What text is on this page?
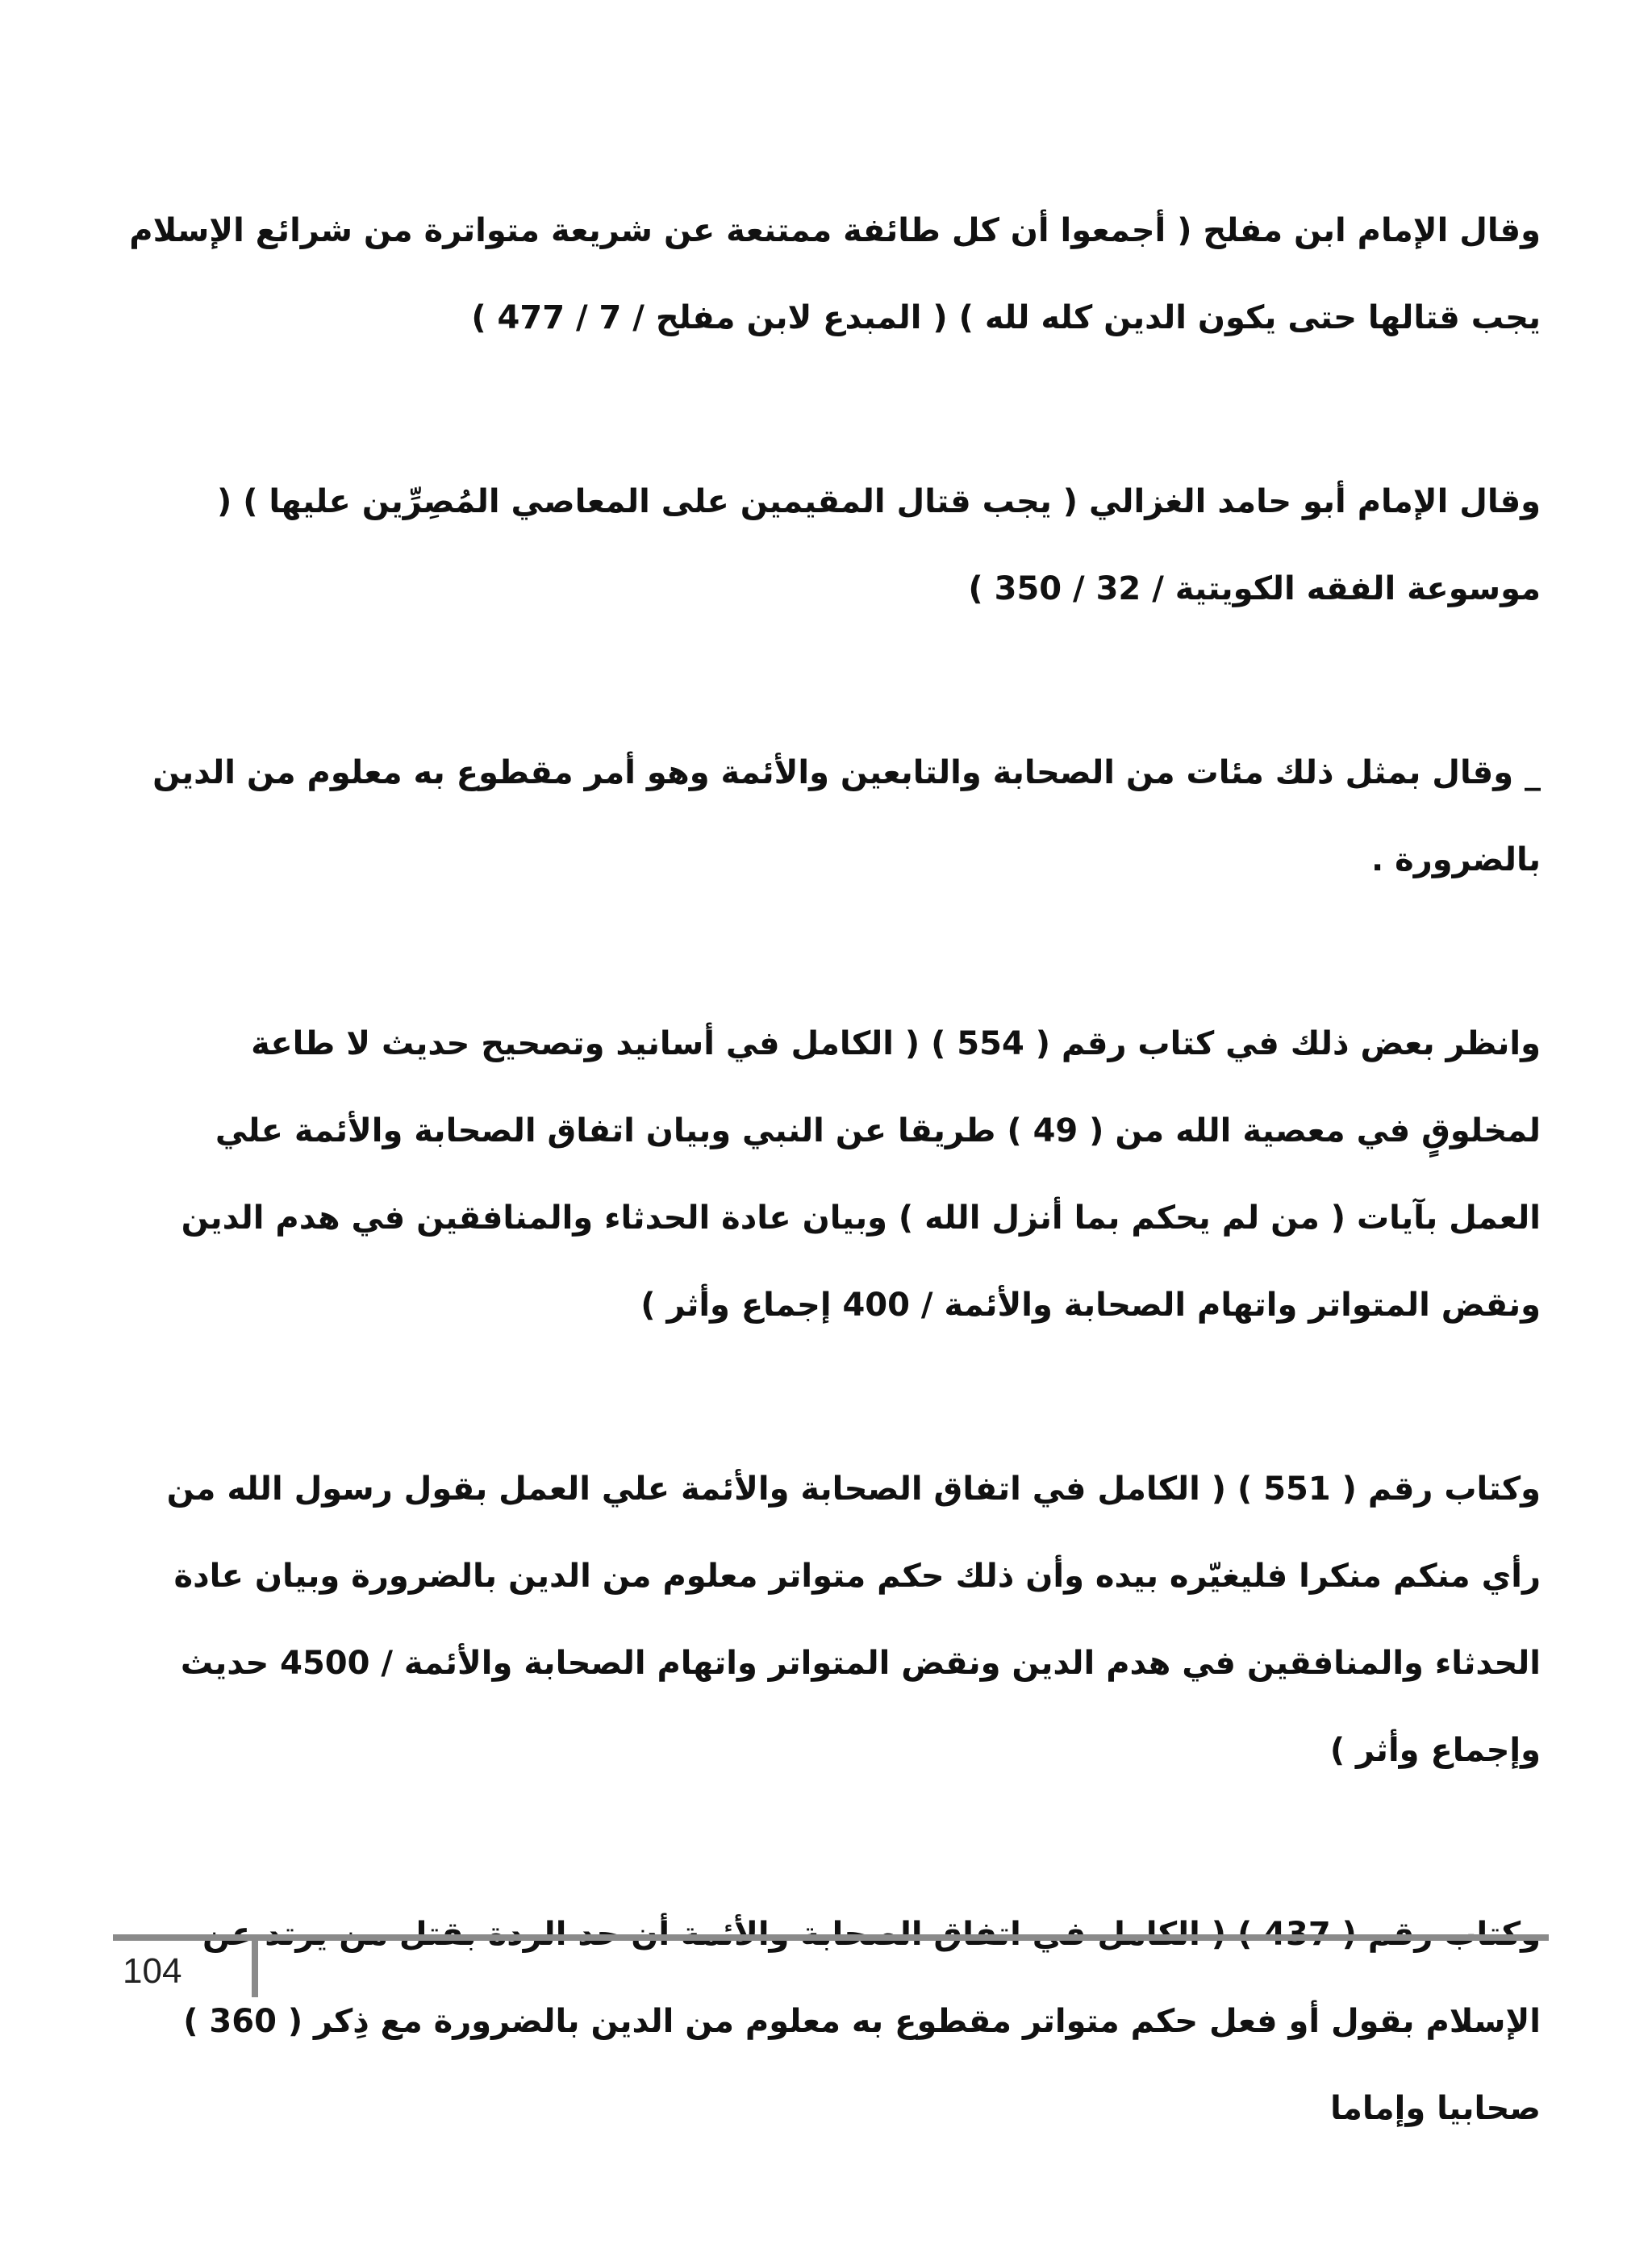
وقال الإمام ابن مفلح ( أجمعوا أن كل طائفة ممتنعة عن شريعة متواترة من شرائع الإسلام يجب قتالها حتى يكون الدين كله لله ) ( المبدع لابن مفلح / 7 / 477 )

وقال الإمام أبو حامد الغزالي ( يجب قتال المقيمين على المعاصي المُصِرِّين عليها ) ( موسوعة الفقه الكويتية / 32 / 350 )

_ وقال بمثل ذلك مئات من الصحابة والتابعين والأئمة وهو أمر مقطوع به معلوم من الدين بالضرورة .

وانظر بعض ذلك في كتاب رقم ( 554 ) ( الكامل في أسانيد وتصحيح حديث لا طاعة لمخلوقٍ في معصية الله من ( 49 ) طريقا عن النبي وبيان اتفاق الصحابة والأئمة علي العمل بآيات ( من لم يحكم بما أنزل الله ) وبيان عادة الحدثاء والمنافقين في هدم الدين ونقض المتواتر واتهام الصحابة والأئمة / 400 إجماع وأثر )

وكتاب رقم ( 551 ) ( الكامل في اتفاق الصحابة والأئمة علي العمل بقول رسول الله من رأي منكم منكرا فليغيّره بيده وأن ذلك حكم متواتر معلوم من الدين بالضرورة وبيان عادة الحدثاء والمنافقين في هدم الدين ونقض المتواتر واتهام الصحابة والأئمة / 4500 حديث وإجماع وأثر )

الإسلام بقول أو فعل حكم متواتر مقطوع به معلوم من الدين بالضرورة مع ذِكر ( 360 ) صحابيا وإماما

104
